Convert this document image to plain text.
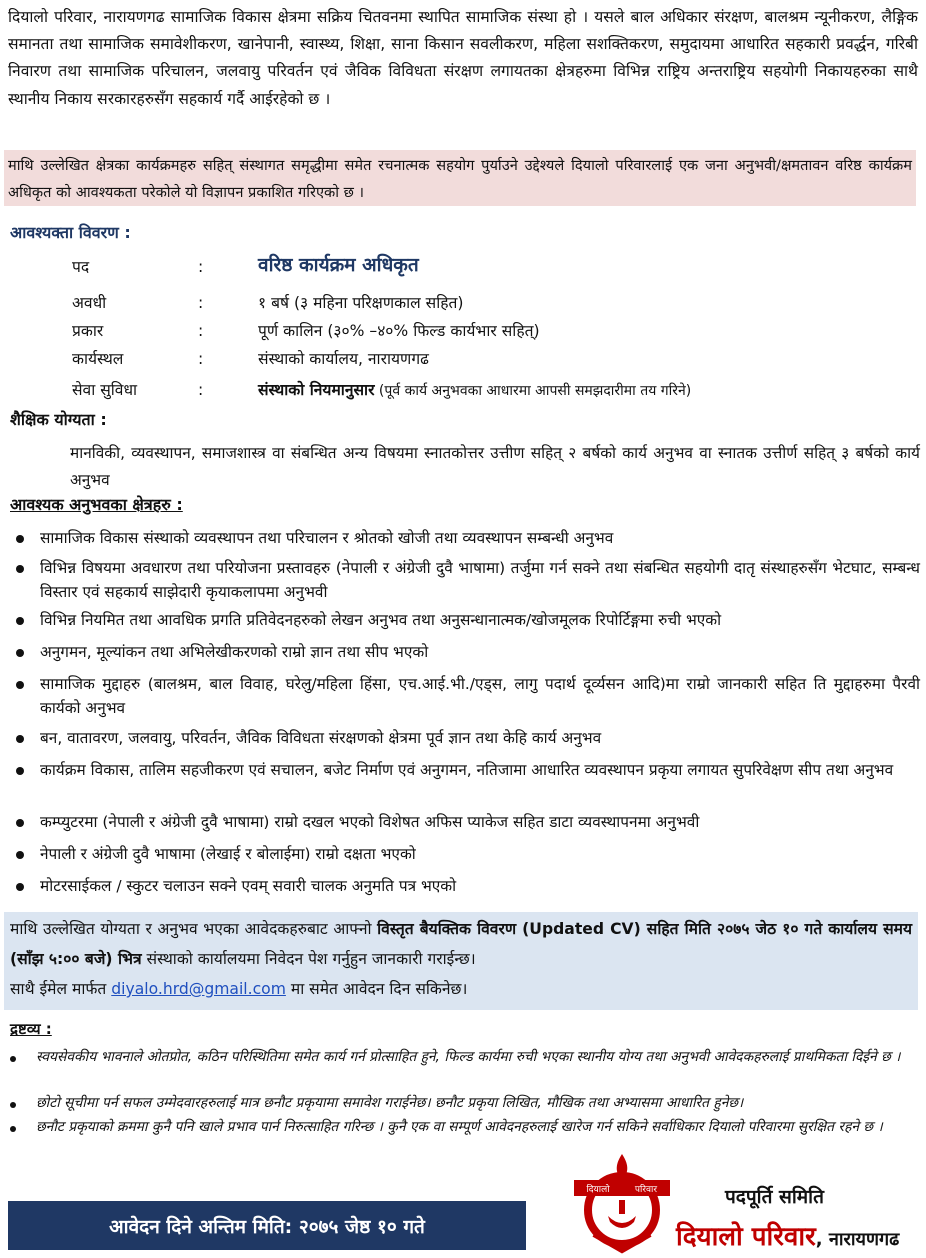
दियालो परिवार, नारायणगढ सामाजिक विकास क्षेत्रमा सक्रिय चितवनमा स्थापित सामाजिक संस्था हो । यसले बाल अधिकार संरक्षण, बालश्रम न्यूनीकरण, लैङ्गिक समानता तथा सामाजिक समावेशीकरण, खानेपानी, स्वास्थ्य, शिक्षा, साना किसान सवलीकरण, महिला सशक्तिकरण, समुदायमा आधारित सहकारी प्रवर्द्धन, गरिबी निवारण तथा सामाजिक परिचालन, जलवायु परिवर्तन एवं जैविक विविधता संरक्षण लगायतका क्षेत्रहरुमा विभिन्न राष्ट्रिय अन्तराष्ट्रिय सहयोगी निकायहरुका साथै स्थानीय निकाय सरकारहरुसँग सहकार्य गर्दै आईरहेको छ ।
माथि उल्लेखित क्षेत्रका कार्यक्रमहरु सहित् संस्थागत समृद्धीमा समेत रचनात्मक सहयोग पुर्याउने उद्देश्यले दियालो परिवारलाई एक जना अनुभवी/क्षमतावन वरिष्ठ कार्यक्रम अधिकृत को आवश्यकता परेकोले यो विज्ञापन प्रकाशित गरिएको छ ।
आवश्यक्ता विवरण :
पद	:	वरिष्ठ कार्यक्रम अधिकृत
अवधी	:	१ बर्ष (३ महिना परिक्षणकाल सहित)
प्रकार	:	पूर्ण कालिन (३०% –४०% फिल्ड कार्यभार सहित्)
कार्यस्थल	:	संस्थाको कार्यालय, नारायणगढ
सेवा सुविधा	:	संस्थाको नियमानुसार (पूर्व कार्य अनुभवका आधारमा आपसी समझदारीमा तय गरिने)
शैक्षिक योग्यता :
मानविकी, व्यवस्थापन, समाजशास्त्र वा संबन्धित अन्य विषयमा स्नातकोत्तर उत्तीण सहित् २ बर्षको कार्य अनुभव वा स्नातक उत्तीर्ण सहित् ३ बर्षको कार्य अनुभव
आवश्यक अनुभवका क्षेत्रहरु :
सामाजिक विकास संस्थाको व्यवस्थापन तथा परिचालन र श्रोतको खोजी तथा व्यवस्थापन सम्बन्धी अनुभव
विभिन्न विषयमा अवधारण तथा परियोजना प्रस्तावहरु (नेपाली र अंग्रेजी दुवै भाषामा) तर्जुमा गर्न सक्ने तथा संबन्धित सहयोगी दातृ संस्थाहरुसँग भेटघाट, सम्बन्ध विस्तार एवं सहकार्य साझेदारी कृयाकलापमा अनुभवी
विभिन्न नियमित तथा आवधिक प्रगति प्रतिवेदनहरुको लेखन अनुभव तथा अनुसन्धानात्मक/खोजमूलक रिपोर्टिङ्गमा रुची भएको
अनुगमन, मूल्यांकन तथा अभिलेखीकरणको राम्रो ज्ञान तथा सीप भएको
सामाजिक मुद्दाहरु (बालश्रम, बाल विवाह, घरेलु/महिला हिंसा, एच.आई.भी./एड्स, लागु पदार्थ दूर्व्यसन आदि)मा राम्रो जानकारी सहित ति मुद्दाहरुमा पैरवी कार्यको अनुभव
बन, वातावरण, जलवायु, परिवर्तन, जैविक विविधता संरक्षणको क्षेत्रमा पूर्व ज्ञान तथा केहि कार्य अनुभव
कार्यक्रम विकास, तालिम सहजीकरण एवं सचालन, बजेट निर्माण एवं अनुगमन, नतिजामा आधारित व्यवस्थापन प्रकृया लगायत सुपरिवेक्षण सीप तथा अनुभव
कम्प्युटरमा (नेपाली र अंग्रेजी दुवै भाषामा) राम्रो दखल भएको विशेषत अफिस प्याकेज सहित डाटा व्यवस्थापनमा अनुभवी
नेपाली र अंग्रेजी दुवै भाषामा (लेखाई र बोलाईमा) राम्रो दक्षता भएको
मोटरसाईकल / स्कुटर चलाउन सक्ने एवम् सवारी चालक अनुमति पत्र भएको
माथि उल्लेखित योग्यता र अनुभव भएका आवेदकहरुबाट आफ्नो विस्तृत बैयक्तिक विवरण (Updated CV) सहित मिति २०७५ जेठ १० गते कार्यालय समय (साँझ ५:०० बजे) भित्र संस्थाको कार्यालयमा निवेदन पेश गर्नुहुन जानकारी गराईन्छ।
साथै ईमेल मार्फत diyalo.hrd@gmail.com मा समेत आवेदन दिन सकिनेछ।
द्रष्टव्य :
स्वयसेवकीय भावनाले ओतप्रोत, कठिन परिस्थितिमा समेत कार्य गर्न प्रोत्साहित हुने, फिल्ड कार्यमा रुची भएका स्थानीय योग्य तथा अनुभवी आवेदकहरुलाई प्राथमिकता दिईने छ ।
छोटो सूचीमा पर्न सफल उम्मेदवारहरुलाई मात्र छनौट प्रकृयामा समावेश गराईनेछ। छनौट प्रकृया लिखित, मौखिक तथा अभ्यासमा आधारित हुनेछ।
छनौट प्रकृयाको क्रममा कुनै पनि खाले प्रभाव पार्न निरुत्साहित गरिन्छ । कुनै एक वा सम्पूर्ण आवेदनहरुलाई खारेज गर्न सकिने सर्वाधिकार दियालो परिवारमा सुरक्षित रहने छ ।
आवेदन दिने अन्तिम मिति: २०७५ जेष्ठ १० गते
दियालो	परिवार	पदपूर्ति समिति
दियालो परिवार, नारायणगढ
